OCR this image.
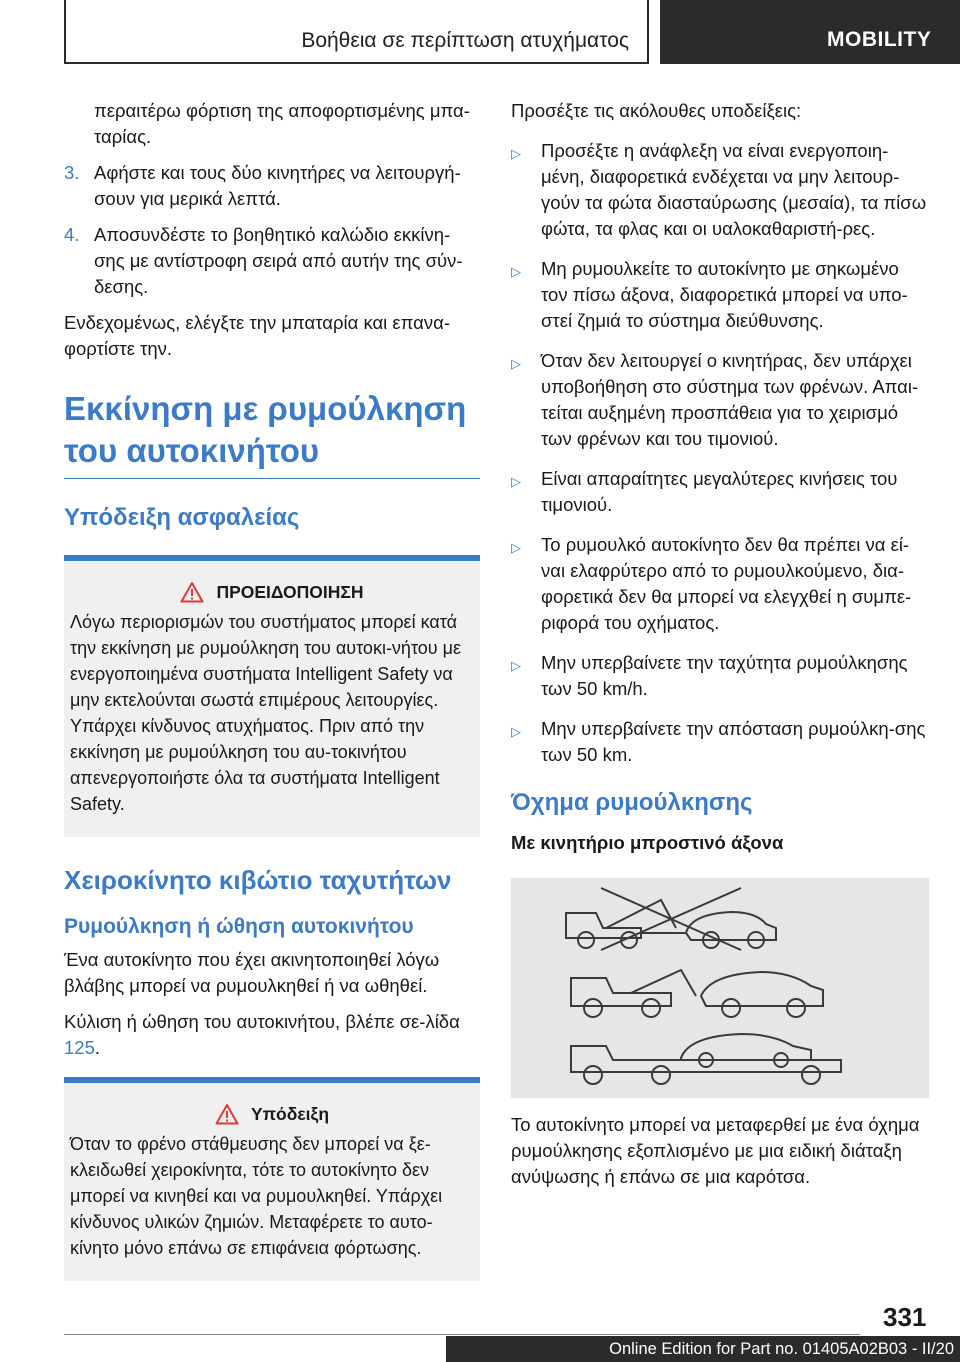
Βοήθεια σε περίπτωση ατυχήματος	MOBILITY
περαιτέρω φόρτιση της αποφορτισμένης μπα-ταρίας.
3. Αφήστε και τους δύο κινητήρες να λειτουργή-σουν για μερικά λεπτά.
4. Αποσυνδέστε το βοηθητικό καλώδιο εκκίνη-σης με αντίστροφη σειρά από αυτήν της σύν-δεσης.
Ενδεχομένως, ελέγξτε την μπαταρία και επανα-φορτίστε την.
Εκκίνηση με ρυμούλκηση του αυτοκινήτου
Υπόδειξη ασφαλείας
ΠΡΟΕΙΔΟΠΟΙΗΣΗ
Λόγω περιορισμών του συστήματος μπορεί κατά την εκκίνηση με ρυμούλκηση του αυτοκι-νήτου με ενεργοποιημένα συστήματα Intelligent Safety να μην εκτελούνται σωστά επιμέρους λειτουργίες. Υπάρχει κίνδυνος ατυχήματος. Πριν από την εκκίνηση με ρυμούλκηση του αυ-τοκινήτου απενεργοποιήστε όλα τα συστήματα Intelligent Safety.
Χειροκίνητο κιβώτιο ταχυτήτων
Ρυμούλκηση ή ώθηση αυτοκινήτου
Ένα αυτοκίνητο που έχει ακινητοποιηθεί λόγω βλάβης μπορεί να ρυμουλκηθεί ή να ωθηθεί.
Κύλιση ή ώθηση του αυτοκινήτου, βλέπε σε-λίδα 125.
Υπόδειξη
Όταν το φρένο στάθμευσης δεν μπορεί να ξε-κλειδωθεί χειροκίνητα, τότε το αυτοκίνητο δεν μπορεί να κινηθεί και να ρυμουλκηθεί. Υπάρχει κίνδυνος υλικών ζημιών. Μεταφέρετε το αυτο-κίνητο μόνο επάνω σε επιφάνεια φόρτωσης.
Προσέξτε τις ακόλουθες υποδείξεις:
▷	Προσέξτε η ανάφλεξη να είναι ενεργοποιη-μένη, διαφορετικά ενδέχεται να μην λειτουρ-γούν τα φώτα διασταύρωσης (μεσαία), τα πίσω φώτα, τα φλας και οι υαλοκαθαριστή-ρες.
▷	Μη ρυμουλκείτε το αυτοκίνητο με σηκωμένο τον πίσω άξονα, διαφορετικά μπορεί να υπο-στεί ζημιά το σύστημα διεύθυνσης.
▷	Όταν δεν λειτουργεί ο κινητήρας, δεν υπάρχει υποβοήθηση στο σύστημα των φρένων. Απαι-τείται αυξημένη προσπάθεια για το χειρισμό των φρένων και του τιμονιού.
▷	Είναι απαραίτητες μεγαλύτερες κινήσεις του τιμονιού.
▷	Το ρυμουλκό αυτοκίνητο δεν θα πρέπει να εί-ναι ελαφρύτερο από το ρυμουλκούμενο, δια-φορετικά δεν θα μπορεί να ελεγχθεί η συμπε-ριφορά του οχήματος.
▷	Μην υπερβαίνετε την ταχύτητα ρυμούλκησης των 50 km/h.
▷	Μην υπερβαίνετε την απόσταση ρυμούλκη-σης των 50 km.
Όχημα ρυμούλκησης
Με κινητήριο μπροστινό άξονα
Το αυτοκίνητο μπορεί να μεταφερθεί με ένα όχημα ρυμούλκησης εξοπλισμένο με μια ειδική διάταξη ανύψωσης ή επάνω σε μια καρότσα.
331
Online Edition for Part no. 01405A02B03 - II/20
